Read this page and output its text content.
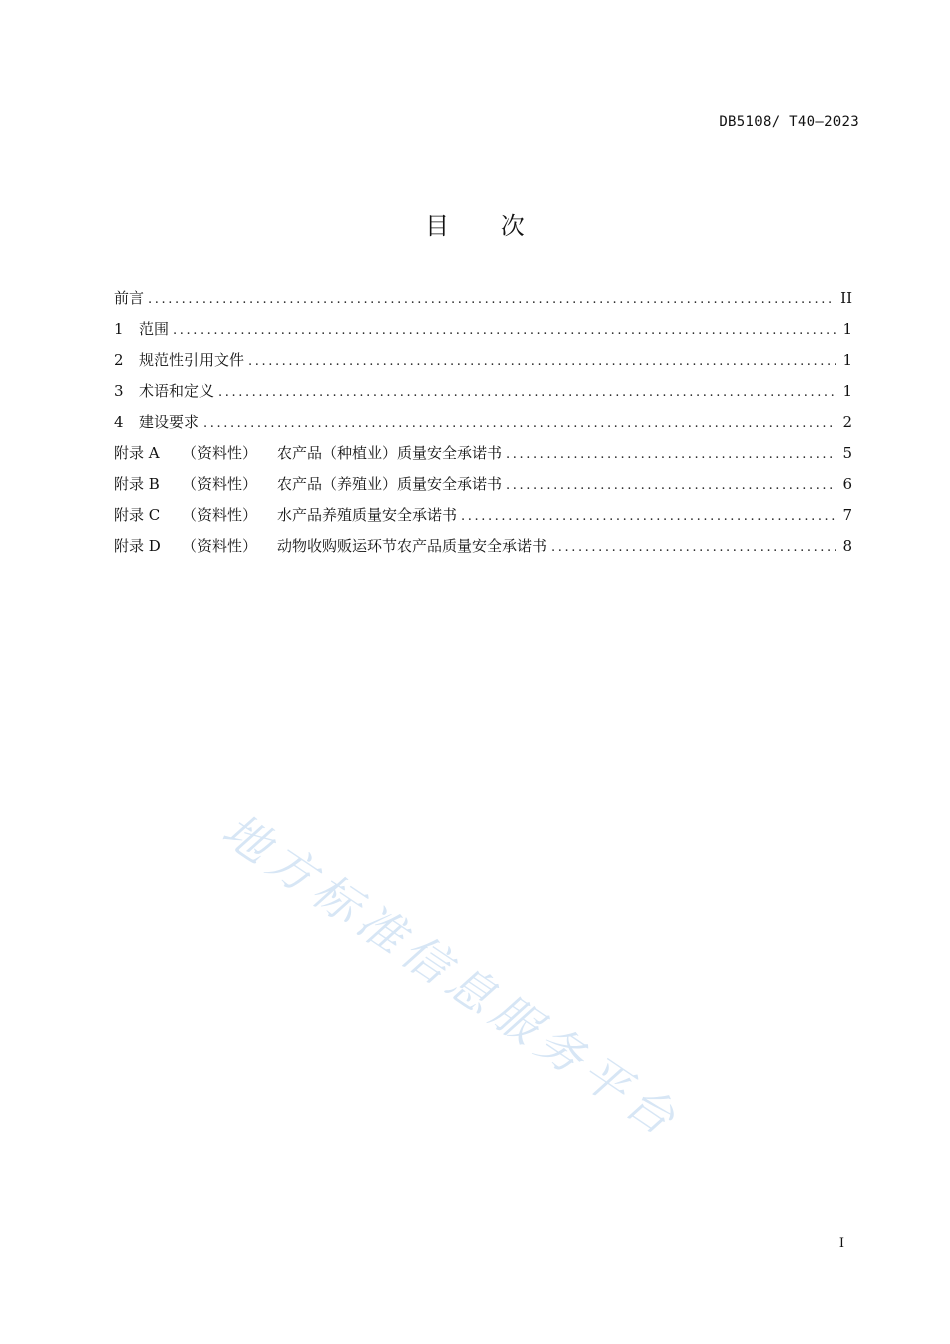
DB5108/ T40—2023
目 次
前言 .....	II
1	范围 .....	1
2	规范性引用文件 .....	1
3	术语和定义 .....	1
4	建设要求 .....	2
附录 A	（资料性）	农产品（种植业）质量安全承诺书 .....	5
附录 B	（资料性）	农产品（养殖业）质量安全承诺书 .....	6
附录 C	（资料性）	水产品养殖质量安全承诺书 .....	7
附录 D	（资料性）	动物收购贩运环节农产品质量安全承诺书 .....	8
地方标准信息服务平台
I
